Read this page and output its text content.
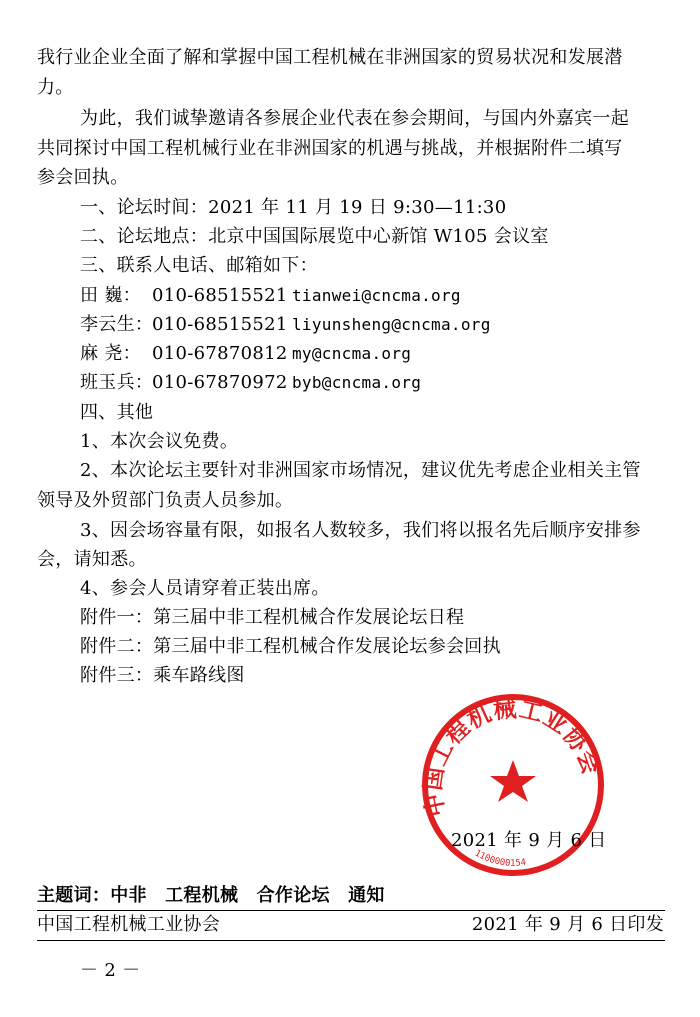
我行业企业全面了解和掌握中国工程机械在非洲国家的贸易状况和发展潜
力。
为此，我们诚挚邀请各参展企业代表在参会期间，与国内外嘉宾一起
共同探讨中国工程机械行业在非洲国家的机遇与挑战，并根据附件二填写
参会回执。
一、论坛时间：2021 年 11 月 19 日 9:30—11:30
二、论坛地点：北京中国国际展览中心新馆 W105 会议室
三、联系人电话、邮箱如下：
田 巍： 010-68515521 tianwei@cncma.org
李云生：010-68515521 liyunsheng@cncma.org
麻 尧： 010-67870812 my@cncma.org
班玉兵：010-67870972 byb@cncma.org
四、其他
1、本次会议免费。
2、本次论坛主要针对非洲国家市场情况，建议优先考虑企业相关主管
领导及外贸部门负责人员参加。
3、因会场容量有限，如报名人数较多，我们将以报名先后顺序安排参
会，请知悉。
4、参会人员请穿着正装出席。
附件一：第三届中非工程机械合作发展论坛日程
附件二：第三届中非工程机械合作发展论坛参会回执
附件三：乘车路线图
中国工程机械工业协会
1100000154
2021 年 9 月 6 日
主题词：中非　工程机械　合作论坛　通知
中国工程机械工业协会	2021 年 9 月 6 日印发
－ 2 －
